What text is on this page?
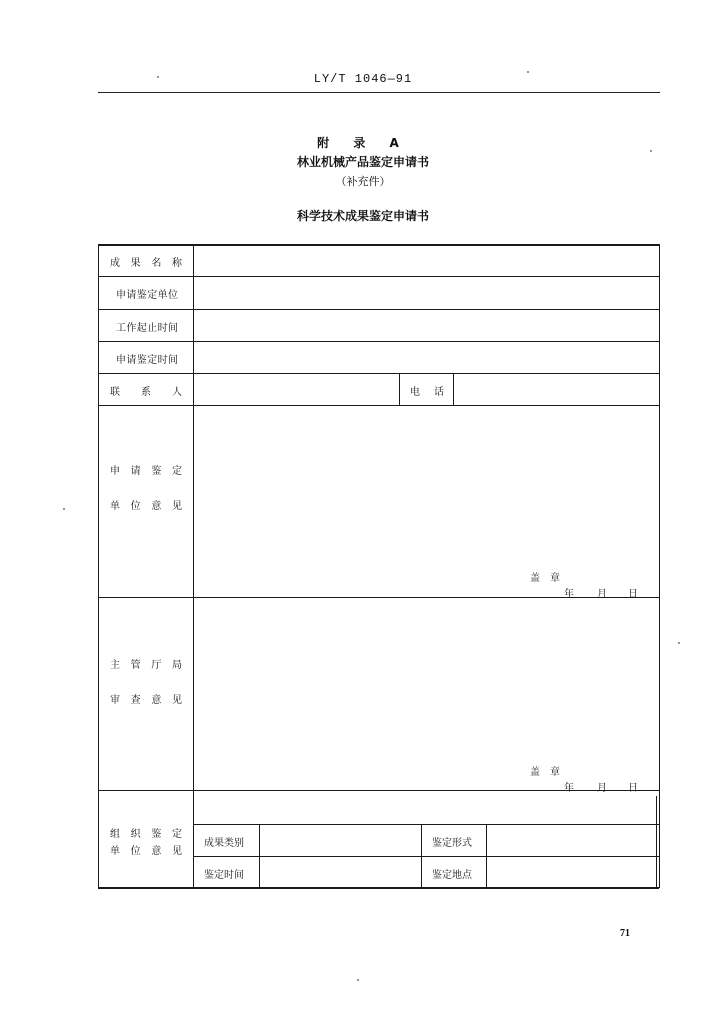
LY/T 1046—91
附 录 A
林业机械产品鉴定申请书
（补充件）
科学技术成果鉴定申请书
成 果 名 称
申请鉴定单位
工作起止时间
申请鉴定时间
联 系 人	电 话
申 请 鉴 定
单 位 意 见
盖 章
年 月 日
主 管 厅 局
审 查 意 见
盖 章
年 月 日
组 织 鉴 定
单 位 意 见
成果类别	鉴定形式
鉴定时间	鉴定地点
71
